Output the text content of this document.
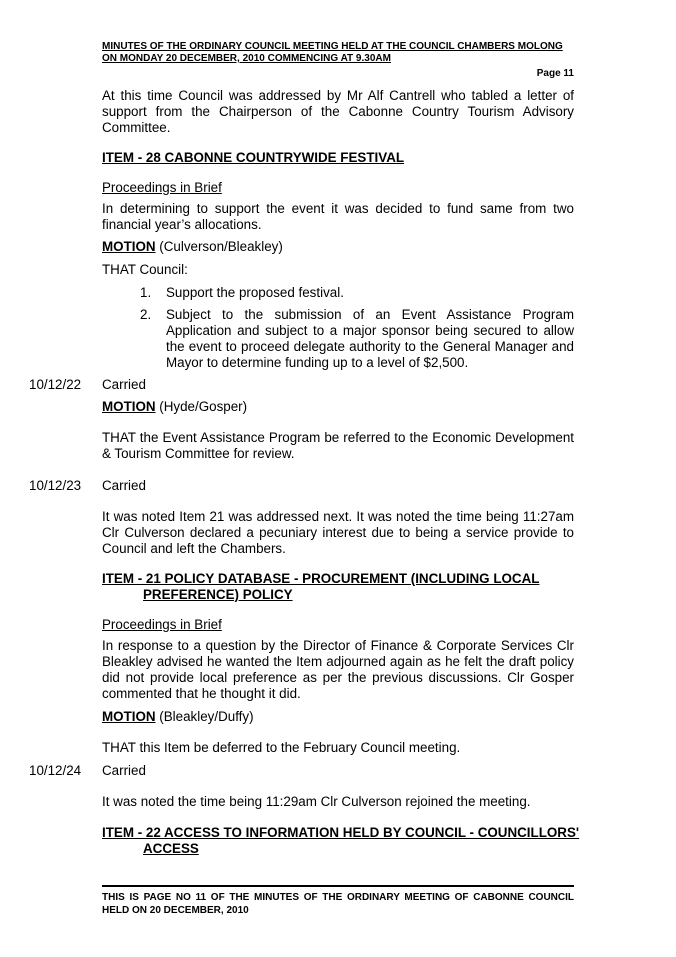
MINUTES OF THE ORDINARY COUNCIL MEETING HELD AT THE COUNCIL CHAMBERS MOLONG ON MONDAY 20 DECEMBER, 2010 COMMENCING AT 9.30AM
Page 11
At this time Council was addressed by Mr Alf Cantrell who tabled a letter of support from the Chairperson of the Cabonne Country Tourism Advisory Committee.
ITEM - 28 CABONNE COUNTRYWIDE FESTIVAL
Proceedings in Brief
In determining to support the event it was decided to fund same from two financial year’s allocations.
MOTION (Culverson/Bleakley)
THAT Council:
1. Support the proposed festival.
2. Subject to the submission of an Event Assistance Program Application and subject to a major sponsor being secured to allow the event to proceed delegate authority to the General Manager and Mayor to determine funding up to a level of $2,500.
10/12/22 Carried
MOTION (Hyde/Gosper)
THAT the Event Assistance Program be referred to the Economic Development & Tourism Committee for review.
10/12/23 Carried
It was noted Item 21 was addressed next. It was noted the time being 11:27am Clr Culverson declared a pecuniary interest due to being a service provide to Council and left the Chambers.
ITEM - 21 POLICY DATABASE - PROCUREMENT (INCLUDING LOCAL PREFERENCE) POLICY
Proceedings in Brief
In response to a question by the Director of Finance & Corporate Services Clr Bleakley advised he wanted the Item adjourned again as he felt the draft policy did not provide local preference as per the previous discussions. Clr Gosper commented that he thought it did.
MOTION (Bleakley/Duffy)
THAT this Item be deferred to the February Council meeting.
10/12/24 Carried
It was noted the time being 11:29am Clr Culverson rejoined the meeting.
ITEM - 22 ACCESS TO INFORMATION HELD BY COUNCIL - COUNCILLORS' ACCESS
THIS IS PAGE NO 11 OF THE MINUTES OF THE ORDINARY MEETING OF CABONNE COUNCIL HELD ON 20 DECEMBER, 2010
